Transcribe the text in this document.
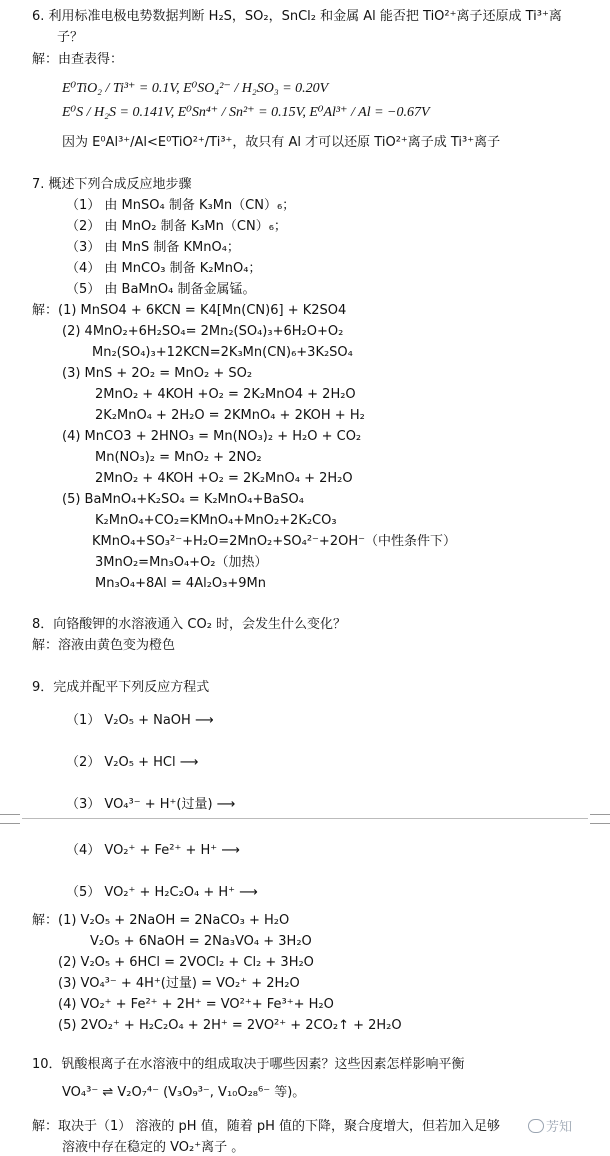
6. 利用标准电极电势数据判断 H₂S，SO₂，SnCl₂ 和金属 Al 能否把 TiO²⁺离子还原成 Ti³⁺离
子？
解：由查表得：
E⁰TiO₂ / Ti³⁺ = 0.1V, E⁰SO₄²⁻ / H₂SO₃ = 0.20V
E⁰S / H₂S = 0.141V, E⁰Sn⁴⁺ / Sn²⁺ = 0.15V, E⁰Al³⁺ / Al = −0.67V
因为 E⁰Al³⁺/Al<E⁰TiO²⁺/Ti³⁺，故只有 Al 才可以还原 TiO²⁺离子成 Ti³⁺离子
7. 概述下列合成反应地步骤
（1） 由 MnSO₄ 制备 K₃Mn（CN）₆；
（2） 由 MnO₂ 制备 K₃Mn（CN）₆；
（3） 由 MnS 制备 KMnO₄；
（4） 由 MnCO₃ 制备 K₂MnO₄；
（5） 由 BaMnO₄ 制备金属锰。
解：(1) MnSO4 + 6KCN = K4[Mn(CN)6] + K2SO4
(2) 4MnO₂+6H₂SO₄= 2Mn₂(SO₄)₃+6H₂O+O₂
Mn₂(SO₄)₃+12KCN=2K₃Mn(CN)₆+3K₂SO₄
(3) MnS + 2O₂ = MnO₂ + SO₂
2MnO₂ + 4KOH +O₂ = 2K₂MnO4 + 2H₂O
2K₂MnO₄ + 2H₂O = 2KMnO₄ + 2KOH + H₂
(4) MnCO3 + 2HNO₃ = Mn(NO₃)₂ + H₂O + CO₂
Mn(NO₃)₂ = MnO₂ + 2NO₂
2MnO₂ + 4KOH +O₂ = 2K₂MnO₄ + 2H₂O
(5) BaMnO₄+K₂SO₄ = K₂MnO₄+BaSO₄
K₂MnO₄+CO₂=KMnO₄+MnO₂+2K₂CO₃
KMnO₄+SO₃²⁻+H₂O=2MnO₂+SO₄²⁻+2OH⁻（中性条件下）
3MnO₂=Mn₃O₄+O₂（加热）
Mn₃O₄+8Al = 4Al₂O₃+9Mn
8．向铬酸钾的水溶液通入 CO₂ 时，会发生什么变化？
解：溶液由黄色变为橙色
9．完成并配平下列反应方程式
（1） V₂O₅ + NaOH ⟶
（2） V₂O₅ + HCl ⟶
（3） VO₄³⁻ + H⁺(过量) ⟶
（4） VO₂⁺ + Fe²⁺ + H⁺ ⟶
（5） VO₂⁺ + H₂C₂O₄ + H⁺ ⟶
解：(1) V₂O₅ + 2NaOH = 2NaCO₃ + H₂O
V₂O₅ + 6NaOH = 2Na₃VO₄ + 3H₂O
(2) V₂O₅ + 6HCl = 2VOCl₂ + Cl₂ + 3H₂O
(3) VO₄³⁻ + 4H⁺(过量) = VO₂⁺ + 2H₂O
(4) VO₂⁺ + Fe²⁺ + 2H⁺ = VO²⁺+ Fe³⁺+ H₂O
(5) 2VO₂⁺ + H₂C₂O₄ + 2H⁺ = 2VO²⁺ + 2CO₂↑ + 2H₂O
10．钒酸根离子在水溶液中的组成取决于哪些因素？这些因素怎样影响平衡
VO₄³⁻ ⇌ V₂O₇⁴⁻ (V₃O₉³⁻, V₁₀O₂₈⁶⁻ 等)。
解：取决于（1） 溶液的 pH 值，随着 pH 值的下降，聚合度增大，但若加入足够
溶液中存在稳定的 VO₂⁺离子 。
芳知
